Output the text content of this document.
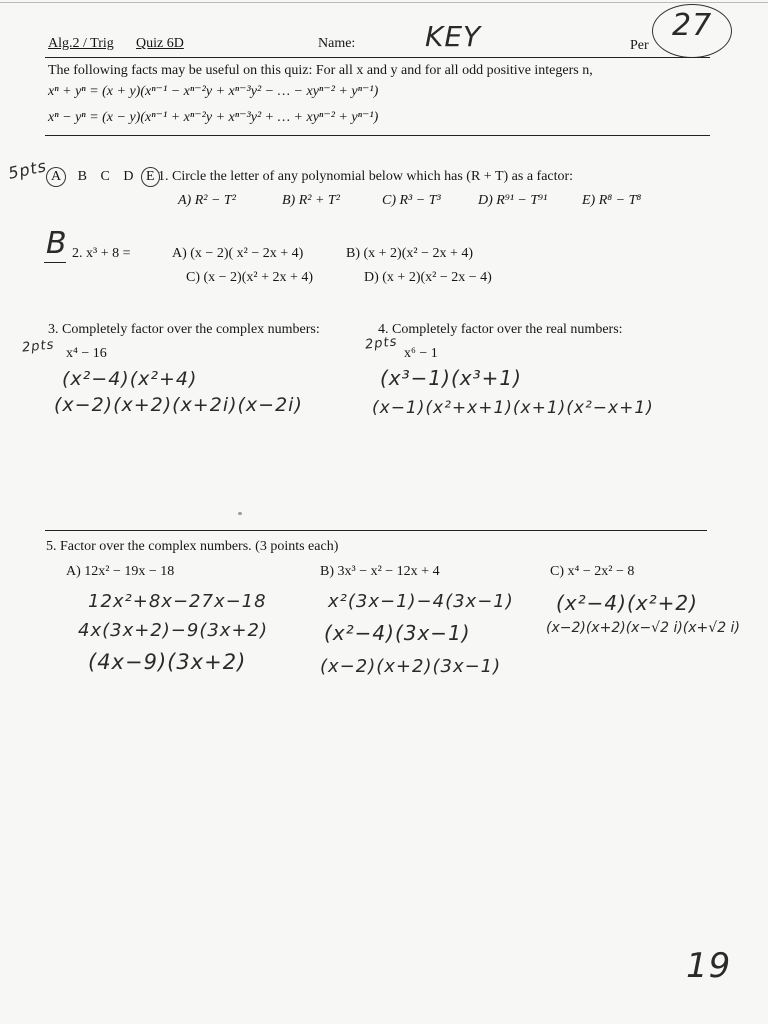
Alg.2 / Trig Quiz 6D	Name: KEY	Per
27
The following facts may be useful on this quiz: For all x and y and for all odd positive integers n,
xⁿ + yⁿ = (x + y)(xⁿ⁻¹ − xⁿ⁻²y + xⁿ⁻³y² − … − xyⁿ⁻² + yⁿ⁻¹)
xⁿ − yⁿ = (x − y)(xⁿ⁻¹ + xⁿ⁻²y + xⁿ⁻³y² + … + xyⁿ⁻² + yⁿ⁻¹)
5pts A B C D E 1. Circle the letter of any polynomial below which has (R + T) as a factor:
A) R² − T²	B) R² + T²	C) R³ − T³	D) R⁹¹ − T⁹¹ E) R⁸ − T⁸
B 2. x³ + 8 =	A) (x − 2)( x² − 2x + 4)	B) (x + 2)(x² − 2x + 4)
C) (x − 2)(x² + 2x + 4)	D) (x + 2)(x² − 2x − 4)
3. Completely factor over the complex numbers:
2pts x⁴ − 16
(x²−4)(x²+4)
(x−2)(x+2)(x+2i)(x−2i)
4. Completely factor over the real numbers:
2pts
x⁶ − 1
(x³−1)(x³+1)
(x−1)(x²+x+1)(x+1)(x²−x+1)
5. Factor over the complex numbers. (3 points each)
A) 12x² − 19x − 18
12x²+8x−27x−18
4x(3x+2)−9(3x+2)
(4x−9)(3x+2)
B) 3x³ − x² − 12x + 4
x²(3x−1)−4(3x−1)
(x²−4)(3x−1)
(x−2)(x+2)(3x−1)
C) x⁴ − 2x² − 8
(x²−4)(x²+2)
(x−2)(x+2)(x−√2 i)(x+√2 i)
19
